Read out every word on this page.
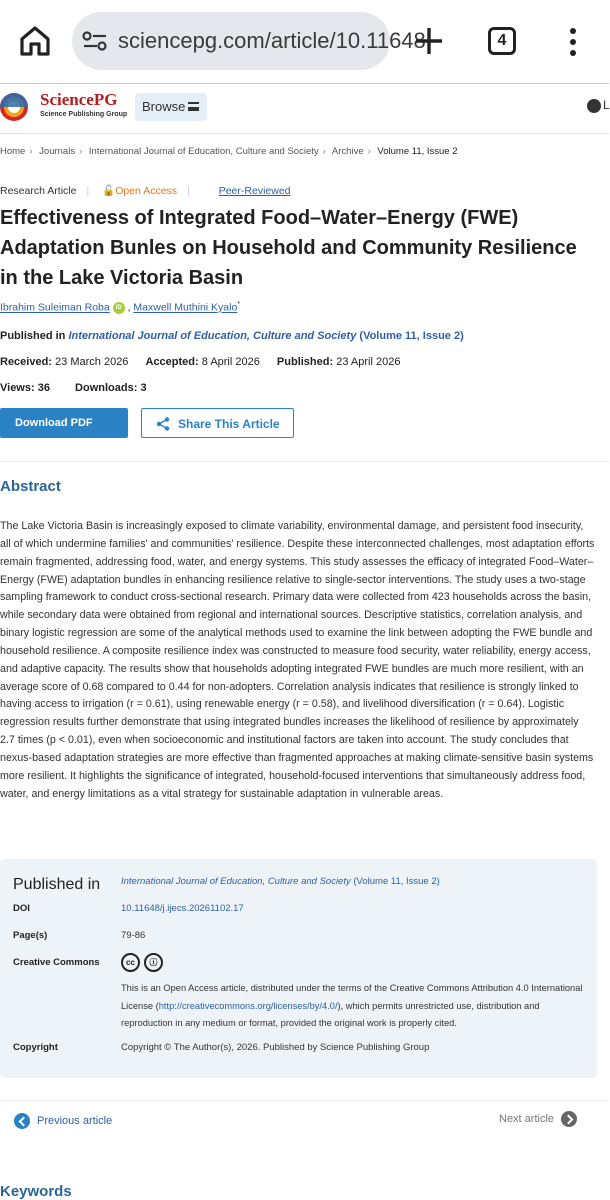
sciencepg.com/article/10.11648	4
SciencePG
Science Publishing Group
Browse	L
Home › Journals › International Journal of Education, Culture and Society › Archive › Volume 11, Issue 2
Research Article | 🔓Open Access |	Peer-Reviewed
Effectiveness of Integrated Food–Water–Energy (FWE) Adaptation Bunles on Household and Community Resilience in the Lake Victoria Basin
Ibrahim Suleiman Roba iD , Maxwell Muthini Kyalo*
Published in International Journal of Education, Culture and Society (Volume 11, Issue 2)
Received: 23 March 2026 Accepted: 8 April 2026 Published: 23 April 2026
Views: 36 Downloads: 3
Download PDF	Share This Article
Abstract

The Lake Victoria Basin is increasingly exposed to climate variability, environmental damage, and persistent food insecurity, all of which undermine families' and communities' resilience. Despite these interconnected challenges, most adaptation efforts remain fragmented, addressing food, water, and energy systems. This study assesses the efficacy of integrated Food–Water–Energy (FWE) adaptation bundles in enhancing resilience relative to single-sector interventions. The study uses a two-stage sampling framework to conduct cross-sectional research. Primary data were collected from 423 households across the basin, while secondary data were obtained from regional and international sources. Descriptive statistics, correlation analysis, and binary logistic regression are some of the analytical methods used to examine the link between adopting the FWE bundle and household resilience. A composite resilience index was constructed to measure food security, water reliability, energy access, and adaptive capacity. The results show that households adopting integrated FWE bundles are much more resilient, with an average score of 0.68 compared to 0.44 for non-adopters. Correlation analysis indicates that resilience is strongly linked to having access to irrigation (r = 0.61), using renewable energy (r = 0.58), and livelihood diversification (r = 0.64). Logistic regression results further demonstrate that using integrated bundles increases the likelihood of resilience by approximately 2.7 times (p < 0.01), even when socioeconomic and institutional factors are taken into account. The study concludes that nexus-based adaptation strategies are more effective than fragmented approaches at making climate-sensitive basin systems more resilient. It highlights the significance of integrated, household-focused interventions that simultaneously address food, water, and energy limitations as a vital strategy for sustainable adaptation in vulnerable areas.

Published in International Journal of Education, Culture and Society (Volume 11, Issue 2)
DOI	10.11648/j.ijecs.20261102.17
Page(s)	79-86
Creative Commons	cc ⓘ

This is an Open Access article, distributed under the terms of the Creative Commons Attribution 4.0 International License (http://creativecommons.org/licenses/by/4.0/), which permits unrestricted use, distribution and reproduction in any medium or format, provided the original work is properly cited.

Copyright	Copyright © The Author(s), 2026. Published by Science Publishing Group
Previous article	Next article
Keywords
